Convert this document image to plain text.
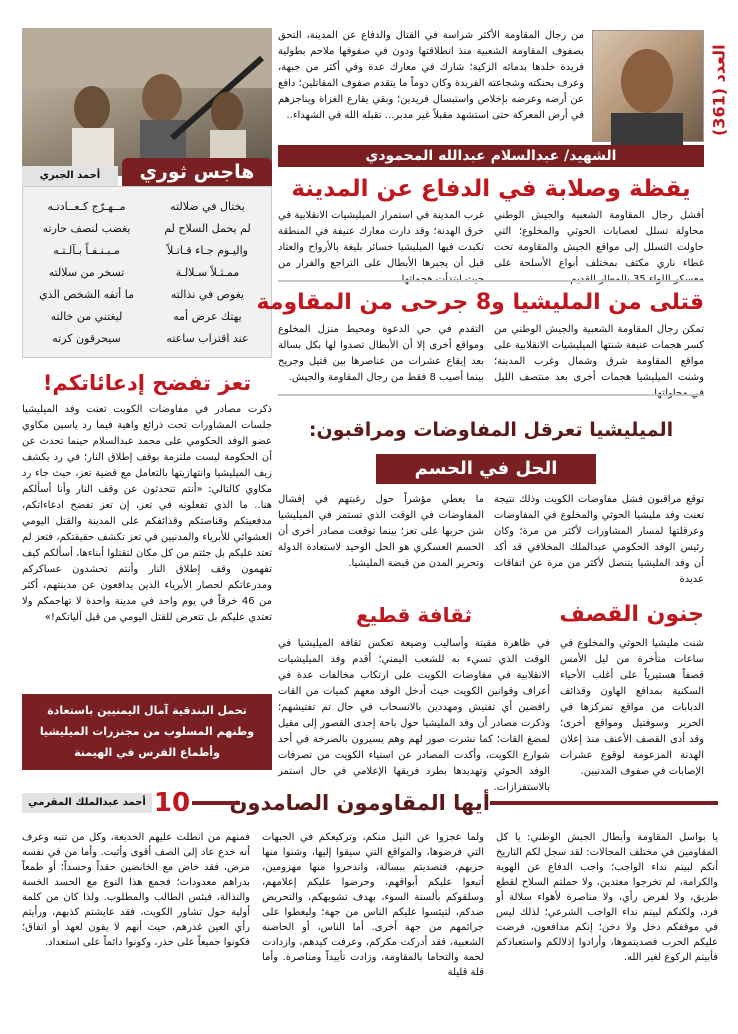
العدد (361)

من رجال المقاومة الأكثر شراسة في القتال والدفاع عن المدينة، التحق بصفوف المقاومة الشعبية منذ انطلاقتها ودون في صفوفها ملاحم بطولية فريدة خلدها بدمائه الزكية؛ شارك في معارك عدة وفي أكثر من جبهة، وعرف بحنكته وشجاعته الفريدة وكان دوماً ما يتقدم صفوف المقاتلين؛ دافع عن أرضه وعرضه بإخلاص واستبسال فريدين؛ وبقي يقارع الغزاة ويناجزهم في أرض المعركة حتى استشهد مقبلاً غير مدبر... تقبله الله في الشهداء..

الشهيد/ عبدالسلام عبدالله المحمودي
هاجس ثوري
أحمد الجبري
يختال في ضلالته
مــهـرّج كـعــادتـه
لم يحمل السلاح لم
يغضب لنصف حارته
واليـوم جـاء قـاتـلاً
مـبـنـفـاً بـآلـتـه
ممـثـلاً سـلالـة
تسخر من سلالته
يغوص في نذالته
ما أتفه الشخص الذي
يهتك عرض أمه
ليغتني من خالته
عند اقتراب ساعته
سيحرقون كرته
يقظة وصلابة في الدفاع عن المدينة

أفشل رجال المقاومة الشعبية والجيش الوطني محاولة تسلل لعصابات الحوثي والمخلوع؛ التي حاولت التسلل إلى مواقع الجيش والمقاومة تحت غطاء ناري مكثف بمختلف أنواع الأسلحة على

غرب المدينة في استمرار الميليشيات الانقلابية في خرق الهدنة؛ وقد دارت معارك عنيفة في المنطقة تكبدت فيها الميليشيا خسائر بليغة بالأرواح والعتاد قبل أن يجبرها الأبطال على التراجع والفرار من

قتلى من المليشيا و8 جرحى من المقاومة

تمكن رجال المقاومة الشعبية والجيش الوطني من كسر هجمات عنيفة شنتها الميليشيات الانقلابية على مواقع المقاومة شرق وشمال وغرب المدينة؛ وشنت الميليشيا هجمات أخرى بعد منتصف الليل

التقدم في حي الدعوة ومحيط منزل المخلوع ومواقع أخرى إلا أن الأبطال تصدوا لها بكل بسالة بعد إيقاع عشرات من عناصرها بين قتيل وجريح بينما أصيب 8 فقط من رجال المقاومة والجيش.

تعز تفضح إدعائاتكم!

ذكرت مصادر في مفاوضات الكويت تعنت وفد الميليشيا جلسات المشاورات تحت ذرائع واهية فيما رد ياسين مكاوي عضو الوفد الحكومي على محمد عبدالسلام حينما تحدث عن أن الحكومة ليست ملتزمة بوقف إطلاق النار؛ في رد يكشف زيف الميليشيا وانتهازيتها بالتعامل مع قضية تعز، حيث جاء رد مكاوي كالتالي: «أنتم تتحدثون عن وقف النار وأنا أسألكم هنا.. ما الذي تفعلونه في تعز، إن تعز تفضح ادعاءاتكم، مدفعيتكم وقناصتكم وقذائفكم على المدينة والقتل اليومي العشوائي للأبرياء والمدنيين في تعز تكشف حقيقتكم، فتعز لم تعتد عليكم بل جئتم من كل مكان لتقتلوا أبناءها، أسألكم كيف تفهمون وقف إطلاق النار وأنتم تحشدون عساكركم ومدرعاتكم لحصار الأبرياء الذين يدافعون عن مدينتهم، أكثر من 46 خرقاً في يوم واحد في مدينة واحدة لا تهاجمكم ولا تعتدي عليكم بل تتعرض للقتل اليومي من قبل آلياتكم!»

الميليشيا تعرقل المفاوضات ومراقبون:
الحل في الحسم

توقع مراقبون فشل مفاوضات الكويت وذلك نتيجة تعنت وفد مليشيا الحوثي والمخلوع في المفاوضات وعرقلتها لمسار المشاورات لأكثر من مرة؛ وكان رئيس الوفد الحكومي عبدالملك المخلافي قد أكد أن وفد المليشيا يتنصل لأكثر من مرة عن اتفاقات عديدة

ما يعطي مؤشراً حول رغبتهم في إفشال المفاوضات في الوقت الذي تستمر في الميليشيا شن حربها على تعز؛ بينما توقعت مصادر أخرى أن الحسم العسكري هو الحل الوحيد لاستعادة الدولة وتحرير المدن من قبضة المليشيا.

جنون القصف

شنت مليشيا الحوثي والمخلوع في ساعات متأخرة من ليل الأمس قصفاً هستيرياً على أغلب الأحياء السكنية بمدافع الهاون وقذائف الدبابات من مواقع تمركزها في الحرير وسوفتيل ومواقع أخرى؛ وقد أدى القصف الأعنف منذ إعلان الهدنة المزعومة لوقوع عشرات الإصابات في صفوف المدنيين.

ثقافة قطيع

في ظاهرة مقيتة وأساليب وضيعة تعكس ثقافة الميليشيا في الوقت الذي تسيء به للشعب اليمني؛ أقدم وفد الميليشيات الانقلابية في مفاوضات الكويت على ارتكاب مخالفات عدة في أعراف وقوانين الكويت حيث أدخل الوفد معهم كميات من القات رافضين أي تفتيش ومهددين بالانسحاب في حال تم تفتيشهم؛ وذكرت مصادر أن وفد المليشيا حول باحة إحدى القصور إلى مقيل لمضغ القات؛ كما نشرت صور لهم وهم يسيرون بالصرخة في أحد شوارع الكويت، وأكدت المصادر عن استياء الكويت من تصرفات الوفد الحوثي وتهديدها بطرد فريقها الإعلامي في حال استمر بالاستفزازات.

تحمل البندقية آمال اليمنيين باستعادة
وطنهم المسلوب من مجنزرات الميليشيا
وأطماع الفرس في الهيمنة
10
أحمد عبدالملك المقرمي	أيها المقاومون الصامدون

يا بواسل المقاومة وأبطال الجيش الوطني: يا كل المقاومين في مختلف المجالات: لقد سجل لكم التاريخ أنكم لبيتم نداء الواجب؛ واجب الدفاع عن الهوية والكرامة، لم تخرجوا معتدين، ولا حملتم السلاح لقطع طريق، ولا لفرض رأي، ولا مناصرة لأهواء سلالة أو فرد، ولكنكم لبيتم نداء الواجب الشرعي؛ لذلك ليس في موقفكم دخل ولا دخن؛ إنكم مدافعون، فرضت عليكم الحرب فصديتموها، وأرادوا إذلالكم واستعبادكم فأبيتم الركوع لغير الله.

ولما عجزوا عن النيل منكم، وتركيعكم في الجبهات التي فرضوها، والمواقع التي سيقوا إليها، وشنوا منها حربهم، فتصديتم ببسالة، واندحروا منها مهزومين، أتبعوا عليكم أبواقهم، وحرضوا عليكم إعلامهم، وسلقوكم بألسنة السوء، بهدف تشويهكم، والتحريض ضدكم، لتيئسوا عليكم الناس من جهة؛ وليغطوا على جرائمهم من جهة أخرى. أما الناس، أو الحاضنة الشعبية، فقد أدركت مكركم، وعرفت كيدهم، وازدادت لحمة والتحاما بالمقاومة، وزادت تأييداً ومناصرة. وأما قلة قليلة

فمنهم من انطلت عليهم الخديعة، وكل من تنبه وعرف أنه خدع عاد إلى الصف أقوى وأثبت. وأما من في نفسه مرض، فقد خاض مع الخانضين حقداً وحسداً؛ أو طمعاً بدراهم معدودات؛ فجمع هذا النوع مع الحسد الخسة والنذالة، فبئس الطالب والمطلوب. ولذا كان من كلمة أولية حول تشاور الكويت، فقد عايشتم كذبهم، ورأيتم رأي العين غدرهم، حيث أنهم لا يفون لعهد أو اتفاق؛ فكونوا جميعاً على حذر، وكونوا دائماً على استعداد.
